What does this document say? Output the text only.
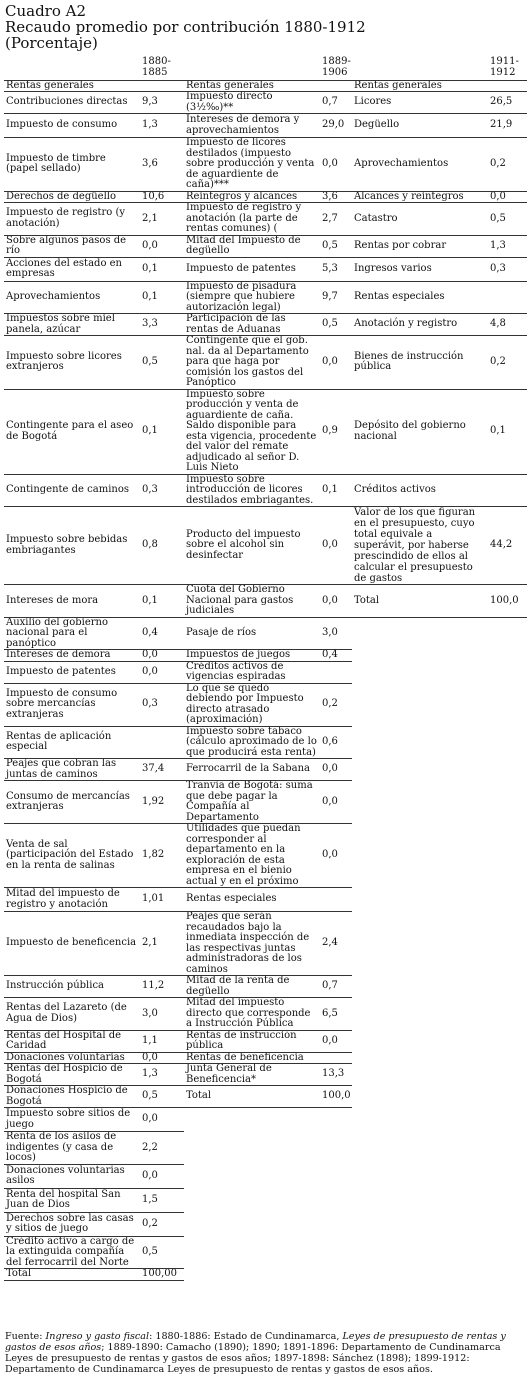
Cuadro A2
Recaudo promedio por contribución 1880-1912
(Porcentaje)
	1880-1885		1889-1906		1911-1912
Rentas generales		Rentas generales		Rentas generales	
Contribuciones directas	9,3	Impuesto directo (3½‰)**	0,7	Licores	26,5
Impuesto de consumo	1,3	Intereses de demora y aprovechamientos	29,0	Degüello	21,9
Impuesto de timbre (papel sellado)	3,6	Impuesto de licores destilados (impuesto sobre producción y venta de aguardiente de caña)***	0,0	Aprovechamientos	0,2
Derechos de degüello	10,6	Reintegros y alcances	3,6	Alcances y reintegros	0,0
Impuesto de registro (y anotación)	2,1	Impuesto de registro y anotación (la parte de rentas comunes) (	2,7	Catastro	0,5
Sobre algunos pasos de río	0,0	Mitad del Impuesto de degüello	0,5	Rentas por cobrar	1,3
Acciones del estado en empresas	0,1	Impuesto de patentes	5,3	Ingresos varios	0,3
Aprovechamientos	0,1	Impuesto de pisadura (siempre que hubiere autorización legal)	9,7	Rentas especiales	
Impuestos sobre miel panela, azúcar	3,3	Participación de las rentas de Aduanas	0,5	Anotación y registro	4,8
Impuesto sobre licores extranjeros	0,5	Contingente que el gob. nal. da al Departamento para que haga por comisión los gastos del Panóptico	0,0	Bienes de instrucción pública	0,2
Contingente para el aseo de Bogotá	0,1	Impuesto sobre producción y venta de aguardiente de caña. Saldo disponible para esta vigencia, procedente del valor del remate adjudicado al señor D. Luis Nieto	0,9	Depósito del gobierno nacional	0,1
Contingente de caminos	0,3	Impuesto sobre introducción de licores destilados embriagantes.	0,1	Créditos activos	
Impuesto sobre bebidas embriagantes	0,8	Producto del impuesto sobre el alcohol sin desinfectar	0,0	Valor de los que figuran en el presupuesto, cuyo total equivale a superávit, por haberse prescindido de ellos al calcular el presupuesto de gastos	44,2
Intereses de mora	0,1	Cuota del Gobierno Nacional para gastos judiciales	0,0	Total	100,0
Auxilio del gobierno nacional para el panóptico	0,4	Pasaje de ríos	3,0		
Intereses de demora	0,0	Impuestos de juegos	0,4		
Impuesto de patentes	0,0	Créditos activos de vigencias espiradas			
Impuesto de consumo sobre mercancías extranjeras	0,3	Lo que se quedó debiendo por Impuesto directo atrasado (aproximación)	0,2		
Rentas de aplicación especial		Impuesto sobre tabaco (cálculo aproximado de lo que producirá esta renta)	0,6		
Peajes que cobran las juntas de caminos	37,4	Ferrocarril de la Sabana	0,0		
Consumo de mercancías extranjeras	1,92	Tranvía de Bogotá: suma que debe pagar la Compañía al Departamento	0,0		
Venta de sal (participación del Estado en la renta de salinas	1,82	Utilidades que puedan corresponder al departamento en la exploración de esta empresa en el bienio actual y en el próximo	0,0		
Mitad del impuesto de registro y anotación	1,01	Rentas especiales			
Impuesto de beneficencia	2,1	Peajes que serán recaudados bajo la inmediata inspección de las respectivas juntas administradoras de los caminos	2,4		
Instrucción pública	11,2	Mitad de la renta de degüello	0,7		
Rentas del Lazareto (de Agua de Dios)	3,0	Mitad del impuesto directo que corresponde a Instrucción Pública	6,5		
Rentas del Hospital de Caridad	1,1	Rentas de instrucción pública	0,0		
Donaciones voluntarias	0,0	Rentas de beneficencia			
Rentas del Hospicio de Bogotá	1,3	Junta General de Beneficencia*	13,3		
Donaciones Hospicio de Bogotá	0,5	Total	100,0		
Impuesto sobre sitios de juego	0,0				
Renta de los asilos de indigentes (y casa de locos)	2,2				
Donaciones voluntarias asilos	0,0				
Renta del hospital San Juan de Dios	1,5				
Derechos sobre las casas y sitios de juego	0,2				
Crédito activo a cargo de la extinguida compañía del ferrocarril del Norte	0,5				
Total	100,00				
Fuente: Ingreso y gasto fiscal: 1880-1886: Estado de Cundinamarca, Leyes de presupuesto de rentas y gastos de esos años; 1889-1890: Camacho (1890); 1890; 1891-1896: Departamento de Cundinamarca Leyes de presupuesto de rentas y gastos de esos años; 1897-1898: Sánchez (1898); 1899-1912: Departamento de Cundinamarca Leyes de presupuesto de rentas y gastos de esos años.
